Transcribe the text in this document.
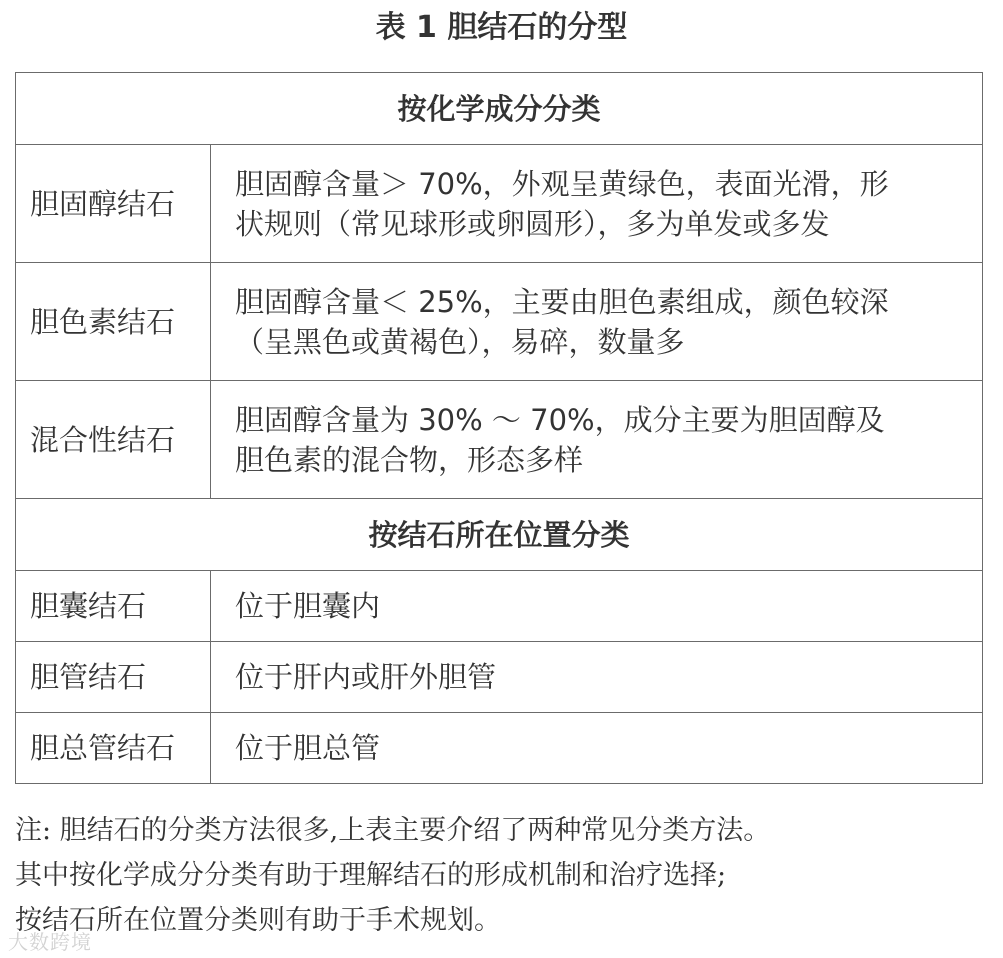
表 1 胆结石的分型
按化学成分分类	
胆固醇结石	胆固醇含量＞ 70%，外观呈黄绿色，表面光滑，形
状规则（常见球形或卵圆形），多为单发或多发

胆色素结石	胆固醇含量＜ 25%，主要由胆色素组成，颜色较深
（呈黑色或黄褐色），易碎，数量多

混合性结石	胆固醇含量为 30% ～ 70%，成分主要为胆固醇及
胆色素的混合物，形态多样

按结石所在位置分类	
胆囊结石	位于胆囊内

胆管结石	位于肝内或肝外胆管

胆总管结石	位于胆总管

注: 胆结石的分类方法很多,上表主要介绍了两种常见分类方法。

其中按化学成分分类有助于理解结石的形成机制和治疗选择;

按结石所在位置分类则有助于手术规划。

大数跨境
